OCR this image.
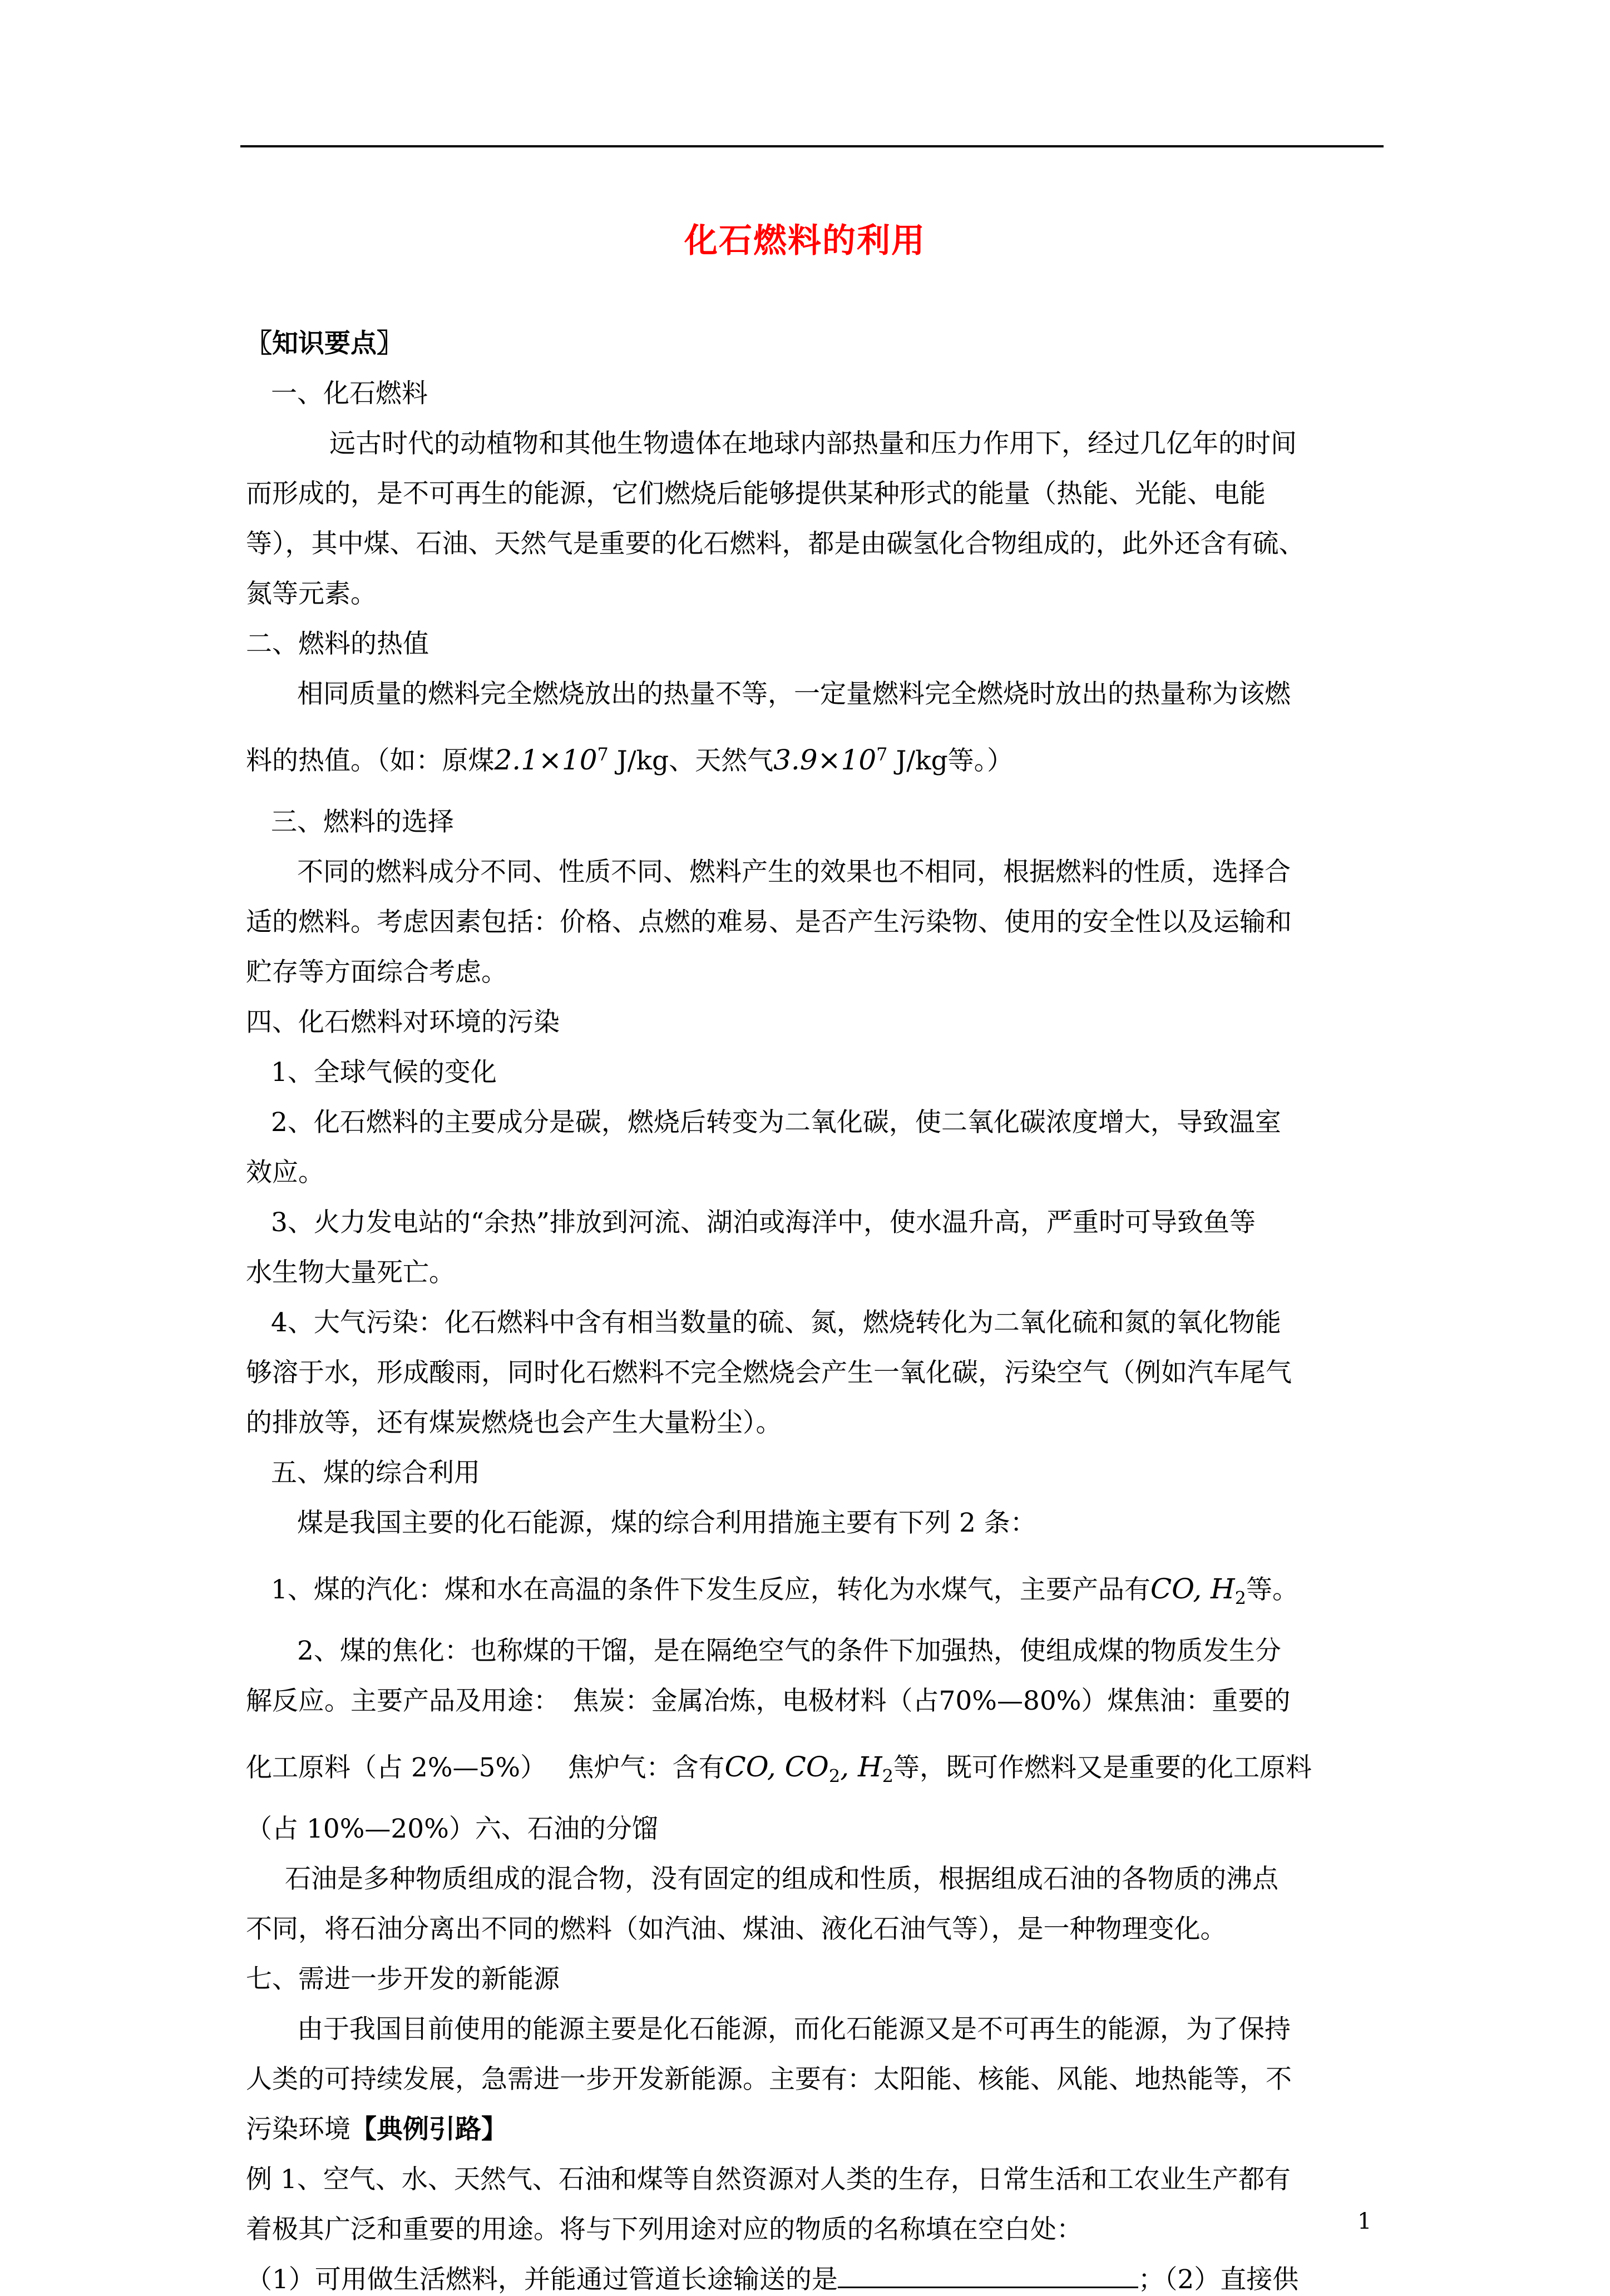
化石燃料的利用

〖知识要点〗

一、化石燃料

远古时代的动植物和其他生物遗体在地球内部热量和压力作用下，经过几亿年的时间

而形成的，是不可再生的能源，它们燃烧后能够提供某种形式的能量（热能、光能、电能

等），其中煤、石油、天然气是重要的化石燃料，都是由碳氢化合物组成的，此外还含有硫、

氮等元素。

二、燃料的热值

相同质量的燃料完全燃烧放出的热量不等，一定量燃料完全燃烧时放出的热量称为该燃

料的热值。（如：原煤$2.1\times 10^7$ J/kg、天然气$3.9\times 10^7$ J/kg等。）

三、燃料的选择

不同的燃料成分不同、性质不同、燃料产生的效果也不相同，根据燃料的性质，选择合

适的燃料。考虑因素包括：价格、点燃的难易、是否产生污染物、使用的安全性以及运输和

贮存等方面综合考虑。

四、化石燃料对环境的污染

1、全球气候的变化

2、化石燃料的主要成分是碳，燃烧后转变为二氧化碳，使二氧化碳浓度增大，导致温室

效应。

3、火力发电站的“余热”排放到河流、湖泊或海洋中，使水温升高，严重时可导致鱼等

水生物大量死亡。

4、大气污染：化石燃料中含有相当数量的硫、氮，燃烧转化为二氧化硫和氮的氧化物能

够溶于水，形成酸雨，同时化石燃料不完全燃烧会产生一氧化碳，污染空气（例如汽车尾气

的排放等，还有煤炭燃烧也会产生大量粉尘）。

五、煤的综合利用

煤是我国主要的化石能源，煤的综合利用措施主要有下列 2 条：

1、煤的汽化：煤和水在高温的条件下发生反应，转化为水煤气，主要产品有CO, $H_2$等。

2、煤的焦化：也称煤的干馏，是在隔绝空气的条件下加强热，使组成煤的物质发生分

解反应。主要产品及用途：　焦炭：金属冶炼，电极材料（占70%—80%）煤焦油：重要的

化工原料（占 2%—5%）　 焦炉气：含有CO, $CO_2$, $H_2$等，既可作燃料又是重要的化工原料

（占 10%—20%）六、石油的分馏

石油是多种物质组成的混合物，没有固定的组成和性质，根据组成石油的各物质的沸点

不同，将石油分离出不同的燃料（如汽油、煤油、液化石油气等），是一种物理变化。

七、需进一步开发的新能源

由于我国目前使用的能源主要是化石能源，而化石能源又是不可再生的能源，为了保持

人类的可持续发展，急需进一步开发新能源。主要有：太阳能、核能、风能、地热能等，不

污染环境【典例引路】

例 1、空气、水、天然气、石油和煤等自然资源对人类的生存，日常生活和工农业生产都有

着极其广泛和重要的用途。将与下列用途对应的物质的名称填在空白处：

（1）可用做生活燃料，并能通过管道长途输送的是	；（2）直接供

1
